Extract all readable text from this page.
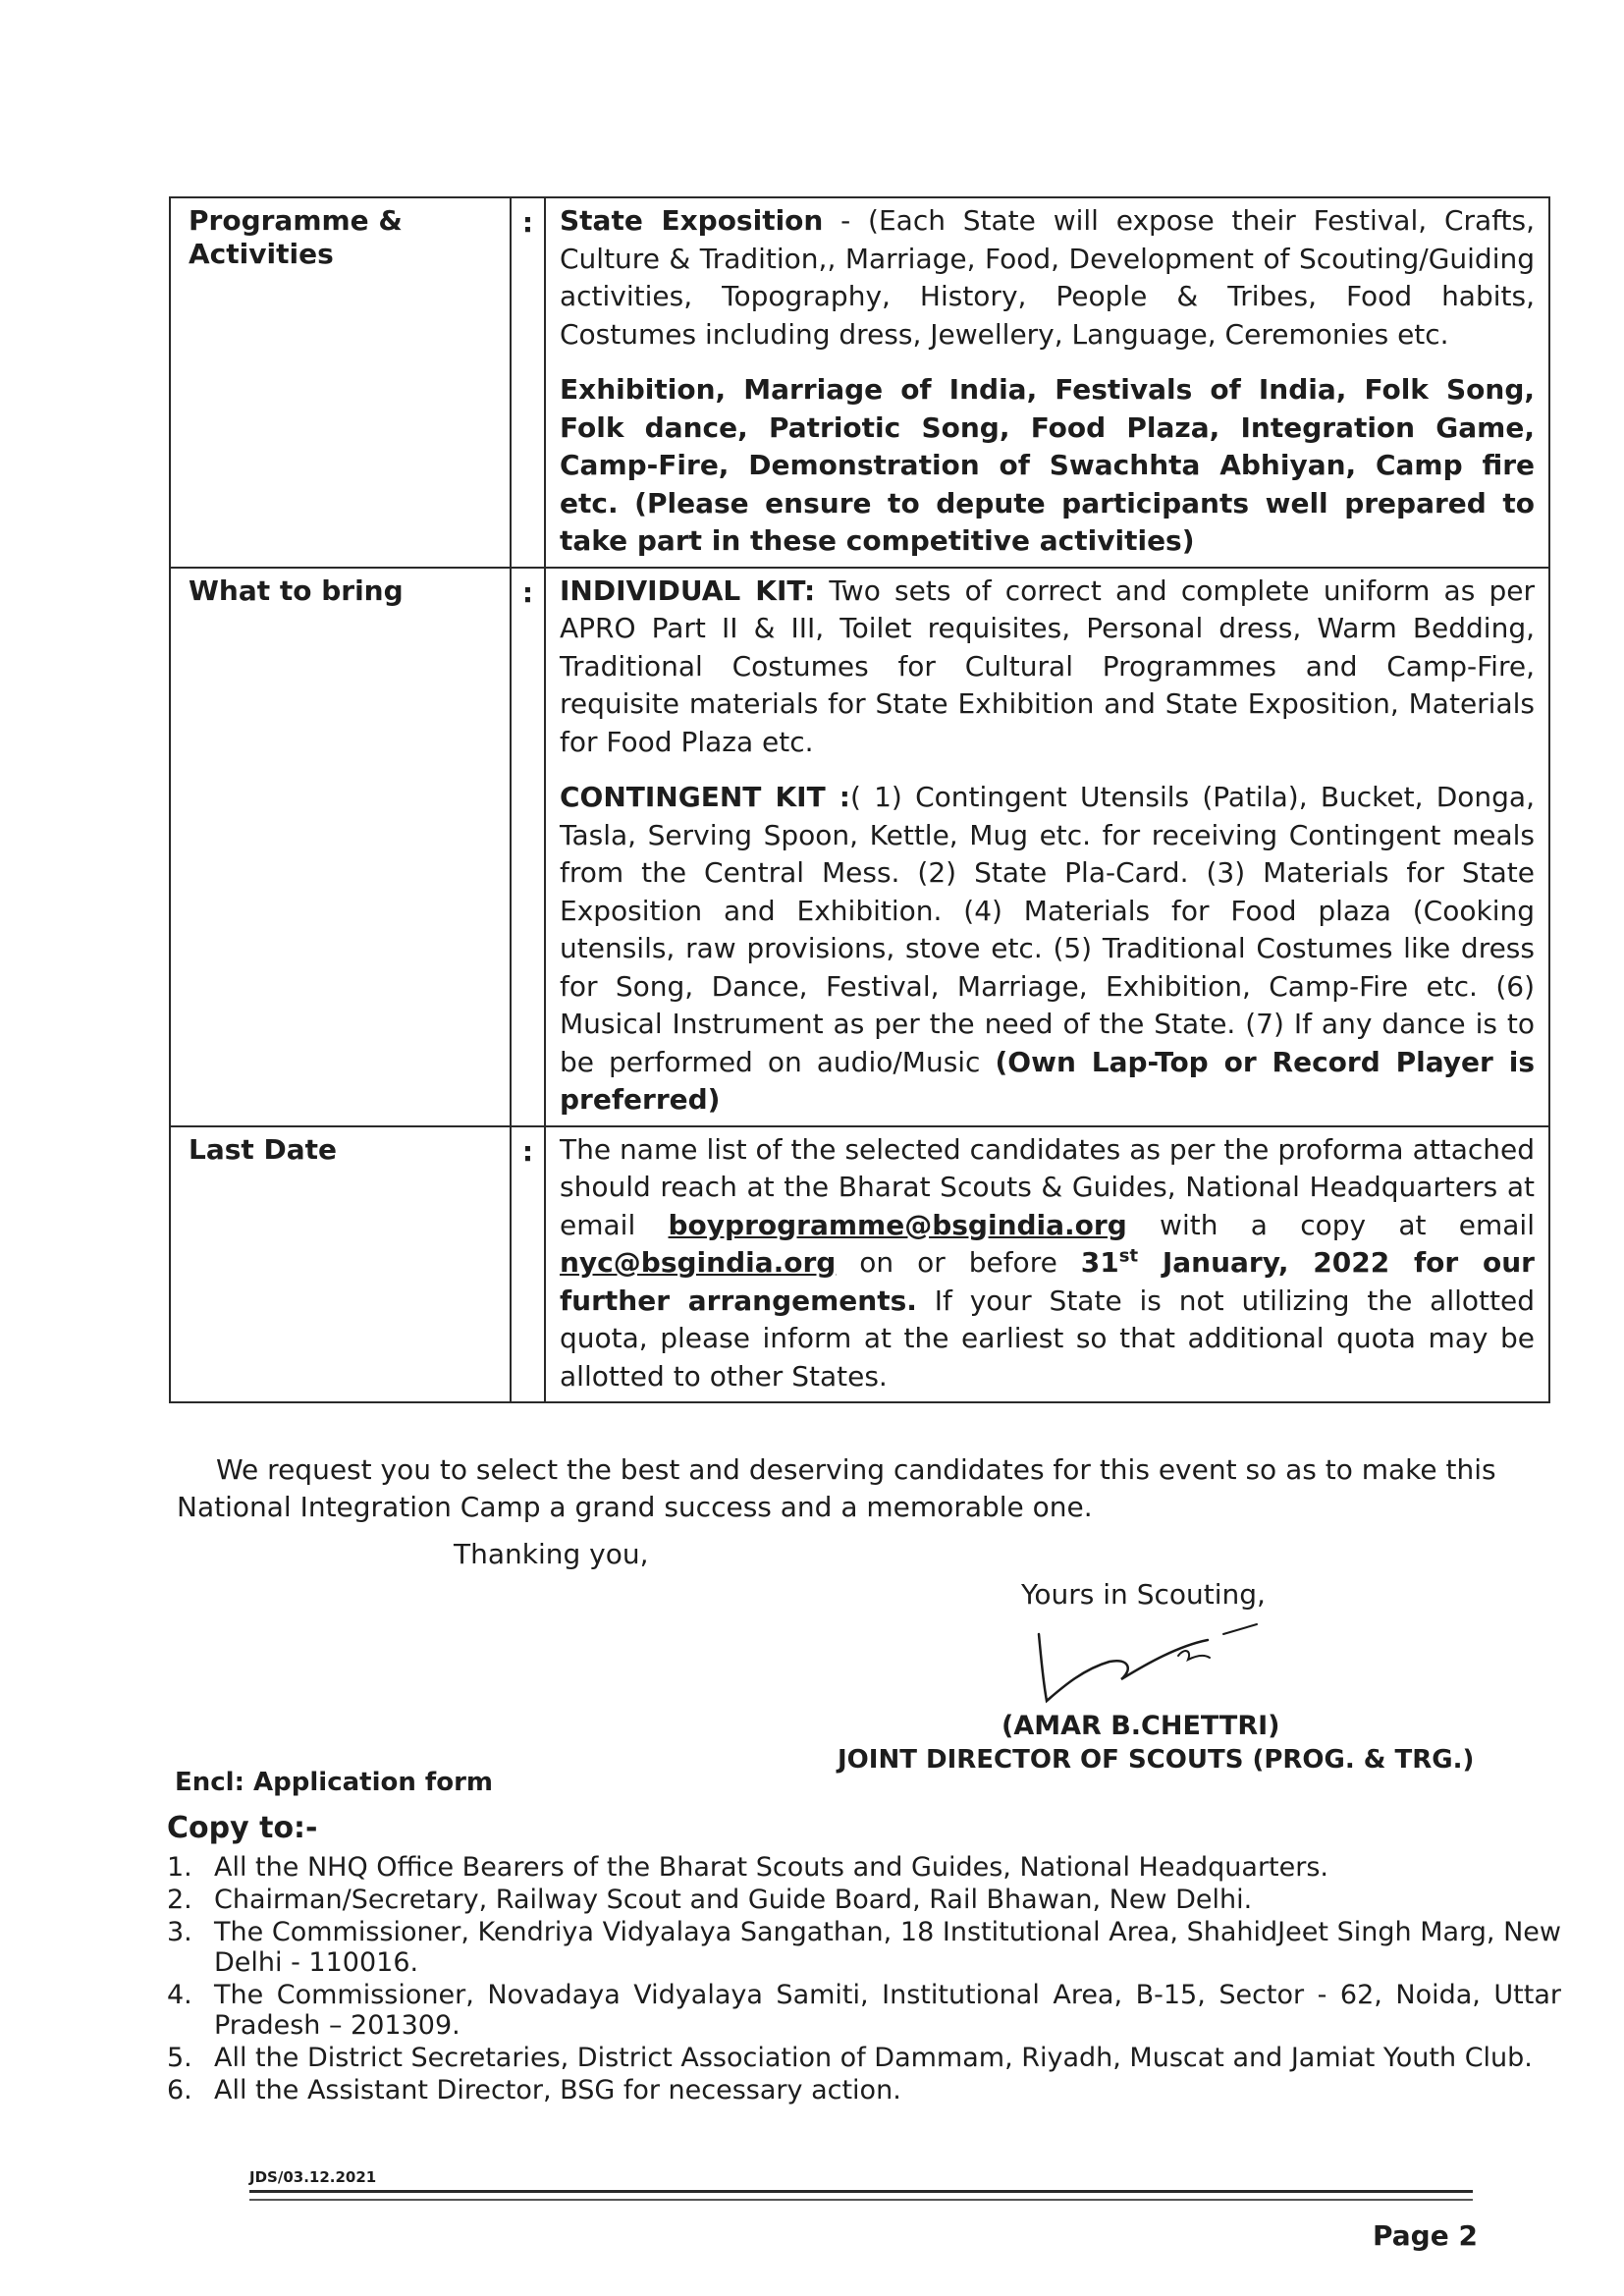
Programme & Activities	:	State Exposition - (Each State will expose their Festival, Crafts, Culture & Tradition,, Marriage, Food, Development of Scouting/Guiding activities, Topography, History, People & Tribes, Food habits, Costumes including dress, Jewellery, Language, Ceremonies etc.

Exhibition, Marriage of India, Festivals of India, Folk Song, Folk dance, Patriotic Song, Food Plaza, Integration Game, Camp-Fire, Demonstration of Swachhta Abhiyan, Camp fire etc. (Please ensure to depute participants well prepared to take part in these competitive activities)

What to bring	:	INDIVIDUAL KIT: Two sets of correct and complete uniform as per APRO Part II & III, Toilet requisites, Personal dress, Warm Bedding, Traditional Costumes for Cultural Programmes and Camp-Fire, requisite materials for State Exhibition and State Exposition, Materials for Food Plaza etc.

CONTINGENT KIT :( 1) Contingent Utensils (Patila), Bucket, Donga, Tasla, Serving Spoon, Kettle, Mug etc. for receiving Contingent meals from the Central Mess. (2) State Pla-Card. (3) Materials for State Exposition and Exhibition. (4) Materials for Food plaza (Cooking utensils, raw provisions, stove etc. (5) Traditional Costumes like dress for Song, Dance, Festival, Marriage, Exhibition, Camp-Fire etc. (6) Musical Instrument as per the need of the State. (7) If any dance is to be performed on audio/Music (Own Lap-Top or Record Player is preferred)

Last Date	:	The name list of the selected candidates as per the proforma attached should reach at the Bharat Scouts & Guides, National Headquarters at email boyprogramme@bsgindia.org with a copy at email nyc@bsgindia.org on or before 31st January, 2022 for our further arrangements. If your State is not utilizing the allotted quota, please inform at the earliest so that additional quota may be allotted to other States.

We request you to select the best and deserving candidates for this event so as to make this National Integration Camp a grand success and a memorable one.
Thanking you,
Yours in Scouting,
(AMAR B.CHETTRI)
JOINT DIRECTOR OF SCOUTS (PROG. & TRG.)
Encl: Application form
Copy to:-
1. All the NHQ Office Bearers of the Bharat Scouts and Guides, National Headquarters.
2. Chairman/Secretary, Railway Scout and Guide Board, Rail Bhawan, New Delhi.
3. The Commissioner, Kendriya Vidyalaya Sangathan, 18 Institutional Area, ShahidJeet Singh Marg, New Delhi - 110016.
4. The Commissioner, Novadaya Vidyalaya Samiti, Institutional Area, B-15, Sector - 62, Noida, Uttar Pradesh – 201309.
5. All the District Secretaries, District Association of Dammam, Riyadh, Muscat and Jamiat Youth Club.
6. All the Assistant Director, BSG for necessary action.
JDS/03.12.2021
Page 2
